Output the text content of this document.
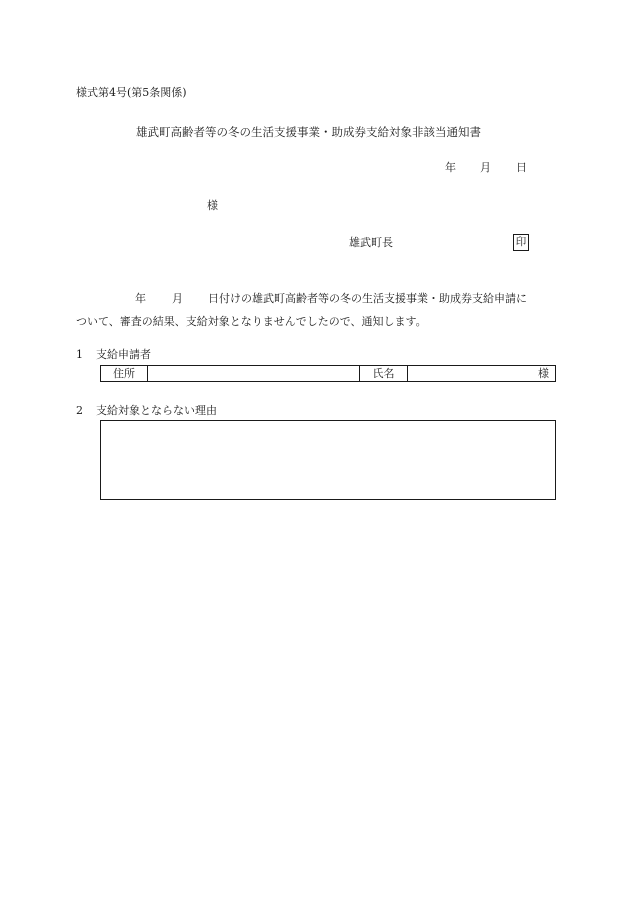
様式第4号(第5条関係)
雄武町高齢者等の冬の生活支援事業・助成券支給対象非該当通知書
年 月 日
様
雄武町長	印
年 月 日付けの雄武町高齢者等の冬の生活支援事業・助成券支給申請に
ついて、審査の結果、支給対象となりませんでしたので、通知します。
1 支給申請者
住所	氏名	様
2 支給対象とならない理由
